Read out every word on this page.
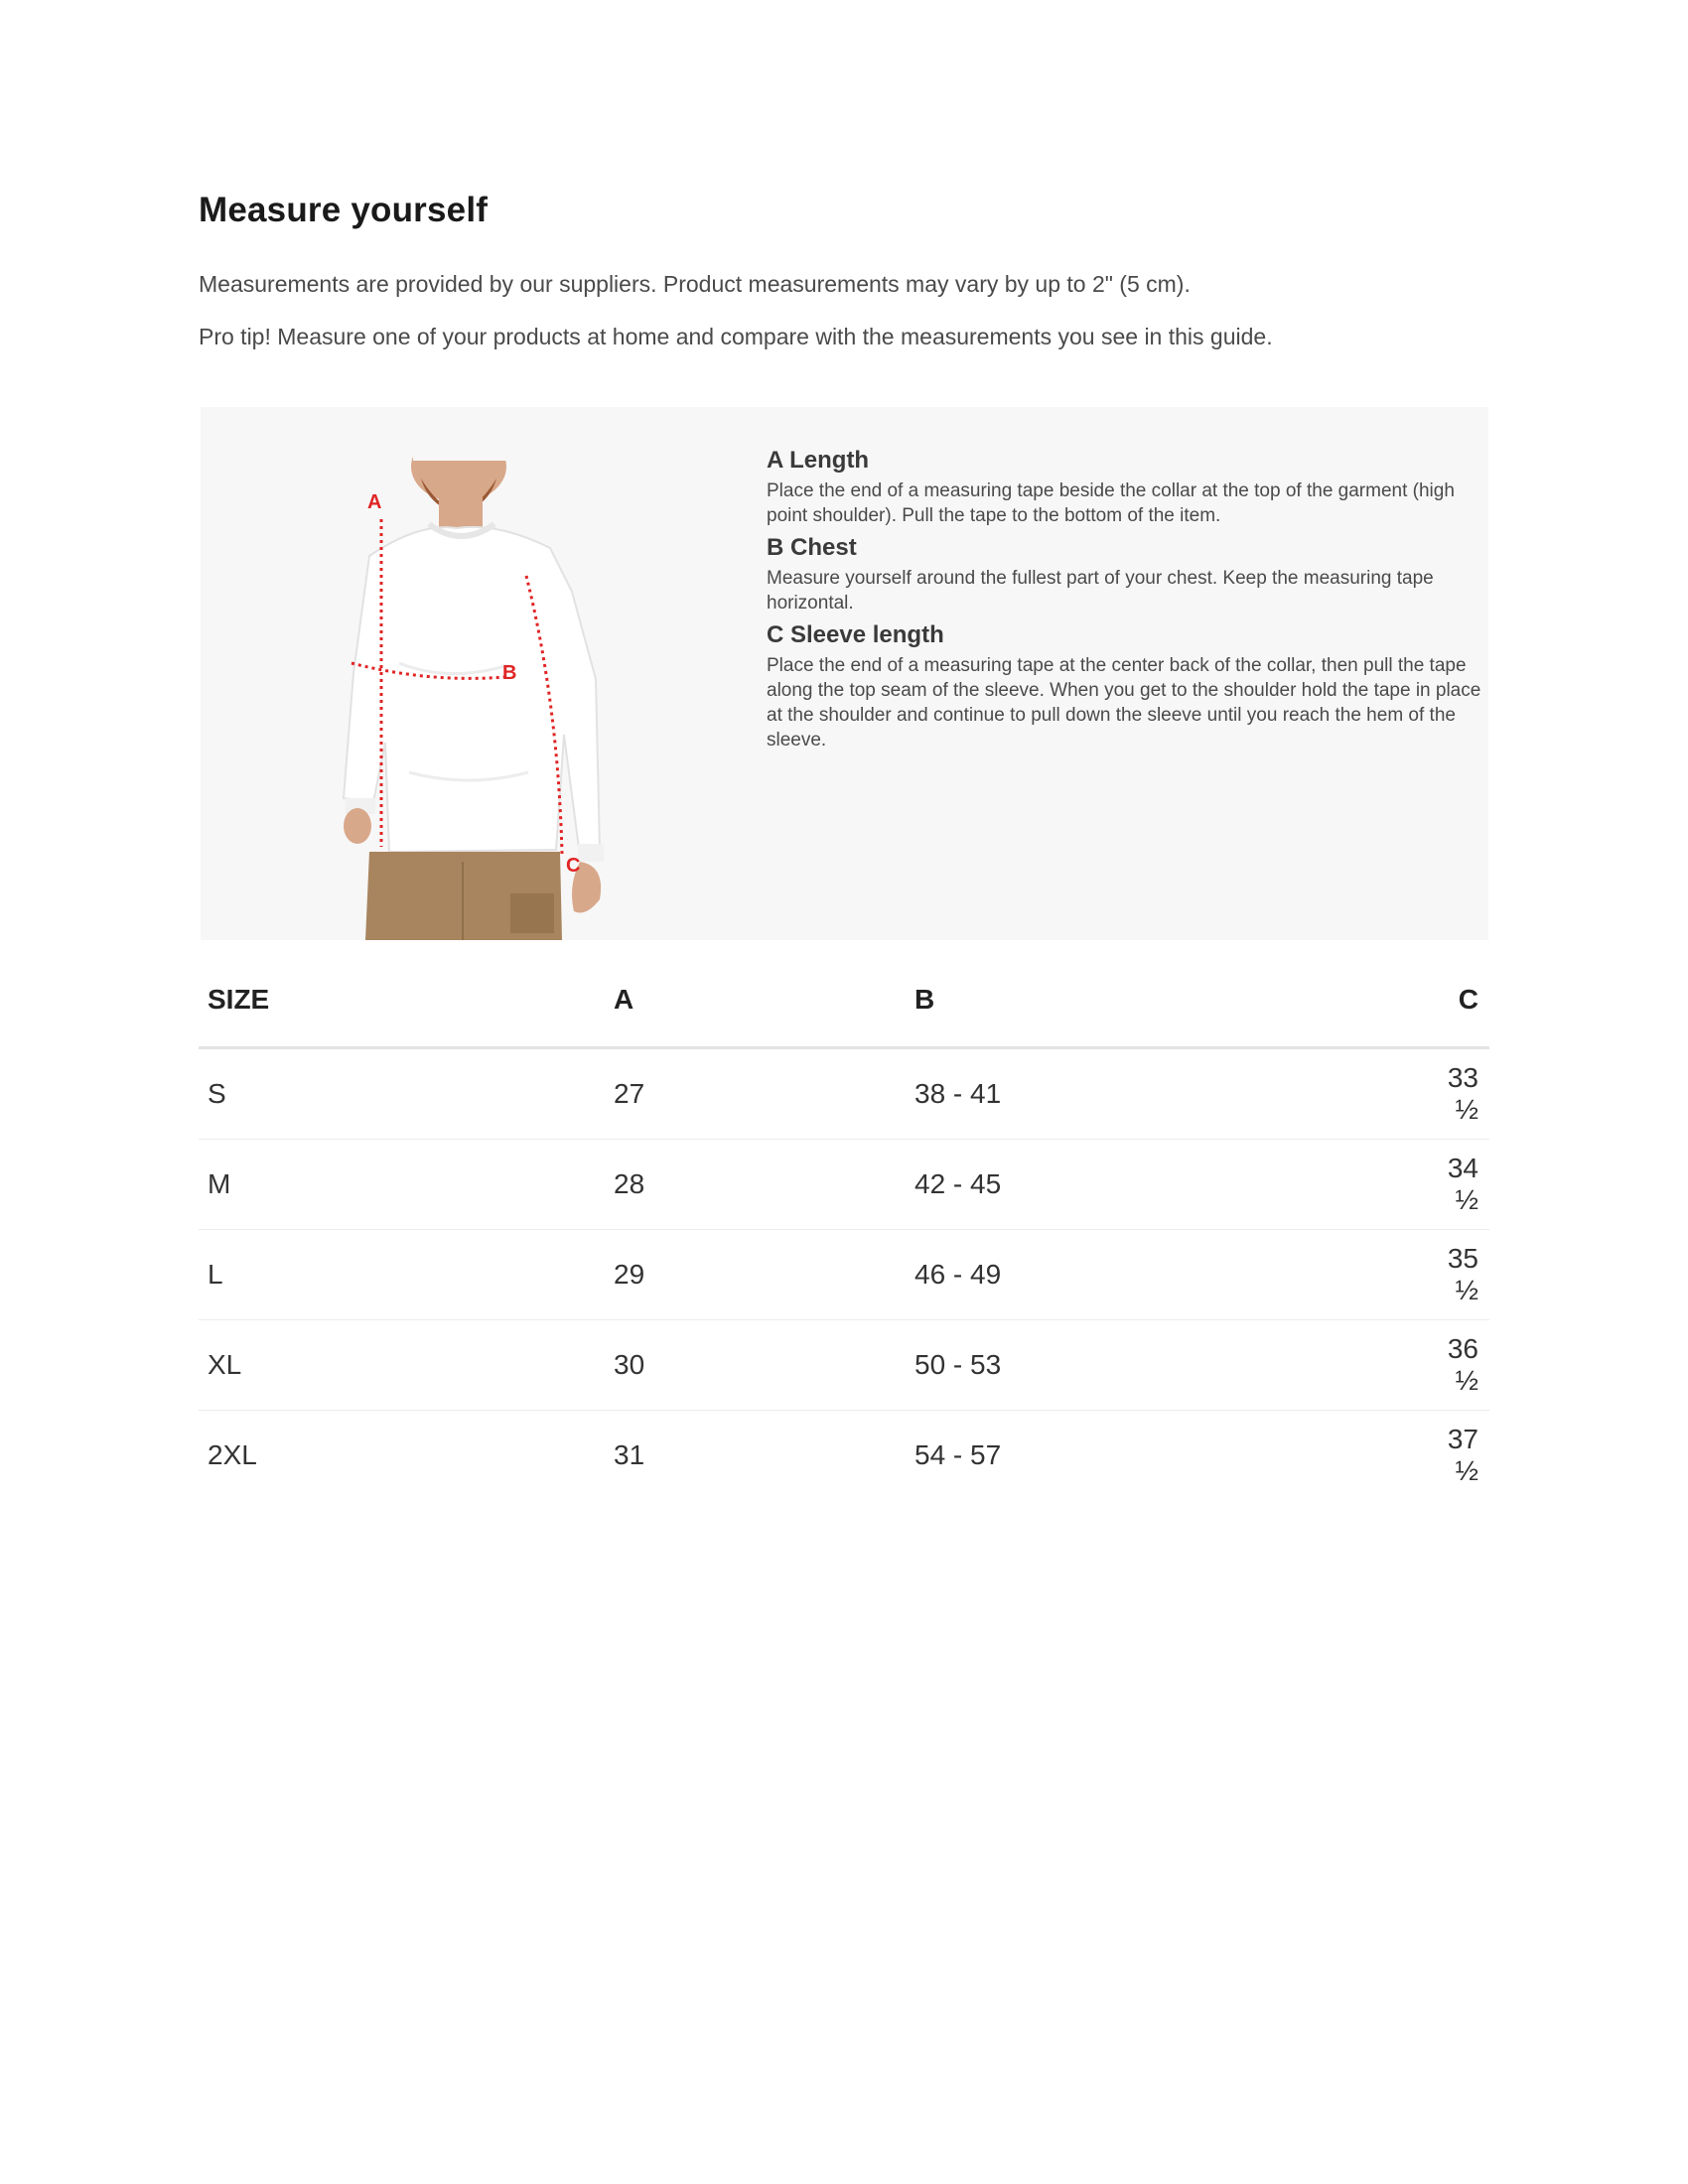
Measure yourself

Measurements are provided by our suppliers. Product measurements may vary by up to 2" (5 cm).

Pro tip! Measure one of your products at home and compare with the measurements you see in this guide.

A
B
C
A Length

Place the end of a measuring tape beside the collar at the top of the garment (high point shoulder). Pull the tape to the bottom of the item.

B Chest

Measure yourself around the fullest part of your chest. Keep the measuring tape horizontal.

C Sleeve length

Place the end of a measuring tape at the center back of the collar, then pull the tape along the top seam of the sleeve. When you get to the shoulder hold the tape in place at the shoulder and continue to pull down the sleeve until you reach the hem of the sleeve.

SIZE	A	B	C
S	27	38 - 41	33 ½
M	28	42 - 45	34 ½
L	29	46 - 49	35 ½
XL	30	50 - 53	36 ½
2XL	31	54 - 57	37 ½
